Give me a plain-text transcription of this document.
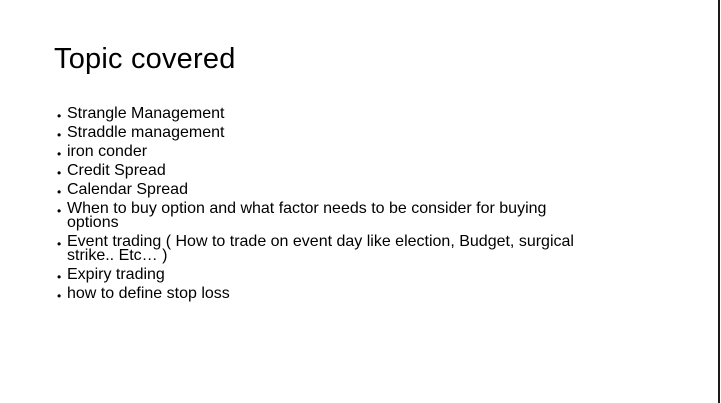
Topic covered
• Strangle Management
• Straddle management
• iron conder
• Credit Spread
• Calendar Spread
• When to buy option and what factor needs to be consider for buying
options
• Event trading ( How to trade on event day like election, Budget, surgical
strike.. Etc… )
• Expiry trading
• how to define stop loss
